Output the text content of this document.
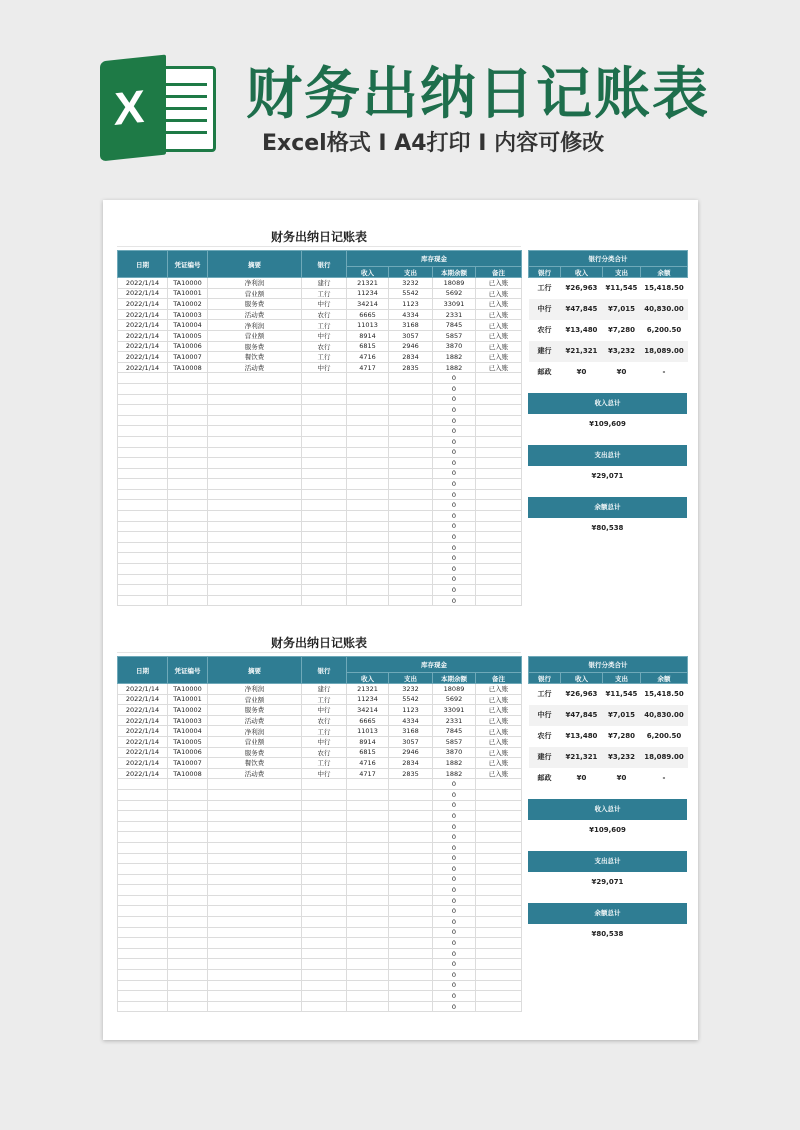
X 财务出纳日记账表
Excel格式 I A4打印 I 内容可修改
财务出纳日记账表
日期	凭证编号	摘要	银行	库存现金			
				收入	支出	本期余额	备注
2022/1/14	TA10000	净利润	建行	21321	3232	18089	已入账
2022/1/14	TA10001	营业额	工行	11234	5542	5692	已入账
2022/1/14	TA10002	服务费	中行	34214	1123	33091	已入账
2022/1/14	TA10003	活动费	农行	6665	4334	2331	已入账
2022/1/14	TA10004	净利润	工行	11013	3168	7845	已入账
2022/1/14	TA10005	营业额	中行	8914	3057	5857	已入账
2022/1/14	TA10006	服务费	农行	6815	2946	3870	已入账
2022/1/14	TA10007	餐饮费	工行	4716	2834	1882	已入账
2022/1/14	TA10008	活动费	中行	4717	2835	1882	已入账
						0	
						0	
						0	
						0	
						0	
						0	
						0	
						0	
						0	
						0	
						0	
						0	
						0	
						0	
						0	
						0	
						0	
						0	
						0	
						0	
						0	
						0	
银行分类合计			
银行	收入	支出	余额
工行	¥26,963	¥11,545	15,418.50
中行	¥47,845	¥7,015	40,830.00
农行	¥13,480	¥7,280	6,200.50
建行	¥21,321	¥3,232	18,089.00
邮政	¥0	¥0	-
收入总计
¥109,609
支出总计
¥29,071
余额总计
¥80,538
财务出纳日记账表
日期	凭证编号	摘要	银行	库存现金			
				收入	支出	本期余额	备注
2022/1/14	TA10000	净利润	建行	21321	3232	18089	已入账
2022/1/14	TA10001	营业额	工行	11234	5542	5692	已入账
2022/1/14	TA10002	服务费	中行	34214	1123	33091	已入账
2022/1/14	TA10003	活动费	农行	6665	4334	2331	已入账
2022/1/14	TA10004	净利润	工行	11013	3168	7845	已入账
2022/1/14	TA10005	营业额	中行	8914	3057	5857	已入账
2022/1/14	TA10006	服务费	农行	6815	2946	3870	已入账
2022/1/14	TA10007	餐饮费	工行	4716	2834	1882	已入账
2022/1/14	TA10008	活动费	中行	4717	2835	1882	已入账
						0	
						0	
						0	
						0	
						0	
						0	
						0	
						0	
						0	
						0	
						0	
						0	
						0	
						0	
						0	
						0	
						0	
						0	
						0	
						0	
						0	
						0	
银行分类合计			
银行	收入	支出	余额
工行	¥26,963	¥11,545	15,418.50
中行	¥47,845	¥7,015	40,830.00
农行	¥13,480	¥7,280	6,200.50
建行	¥21,321	¥3,232	18,089.00
邮政	¥0	¥0	-
收入总计
¥109,609
支出总计
¥29,071
余额总计
¥80,538
